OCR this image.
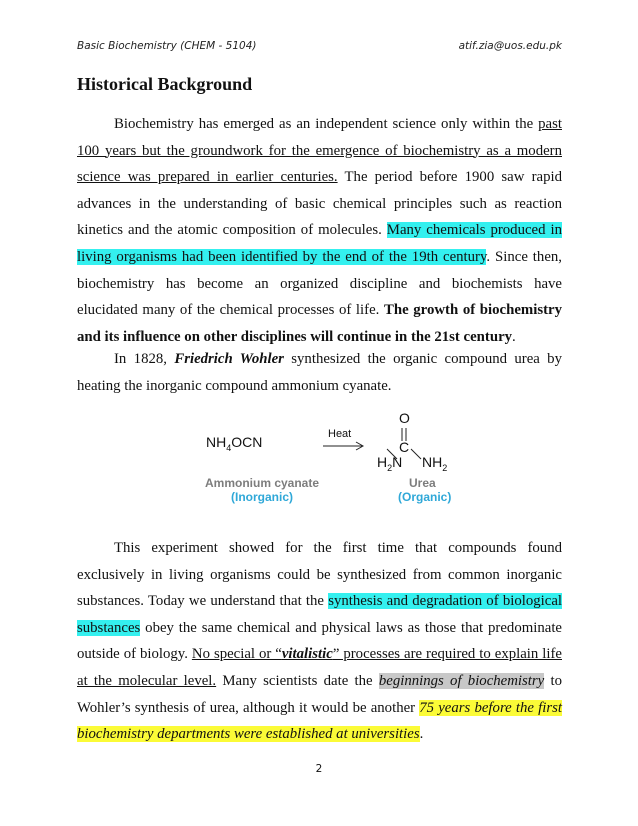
Basic Biochemistry (CHEM - 5104)	atif.zia@uos.edu.pk
Historical Background

Biochemistry has emerged as an independent science only within the past 100 years but the groundwork for the emergence of biochemistry as a modern science was prepared in earlier centuries. The period before 1900 saw rapid advances in the understanding of basic chemical principles such as reaction kinetics and the atomic composition of molecules. Many chemicals produced in living organisms had been identified by the end of the 19th century. Since then, biochemistry has become an organized discipline and biochemists have elucidated many of the chemical processes of life. The growth of biochemistry and its influence on other disciplines will continue in the 21st century.

In 1828, Friedrich Wohler synthesized the organic compound urea by heating the inorganic compound ammonium cyanate.

$NH_4OCN$	Heat
O
C
$H_2N$ $NH_2$
Ammonium cyanate
(Inorganic)
Urea
(Organic)

This experiment showed for the first time that compounds found exclusively in living organisms could be synthesized from common inorganic substances. Today we understand that the synthesis and degradation of biological substances obey the same chemical and physical laws as those that predominate outside of biology. No special or “vitalistic” processes are required to explain life at the molecular level. Many scientists date the beginnings of biochemistry to Wohler’s synthesis of urea, although it would be another 75 years before the first biochemistry departments were established at universities.

2
